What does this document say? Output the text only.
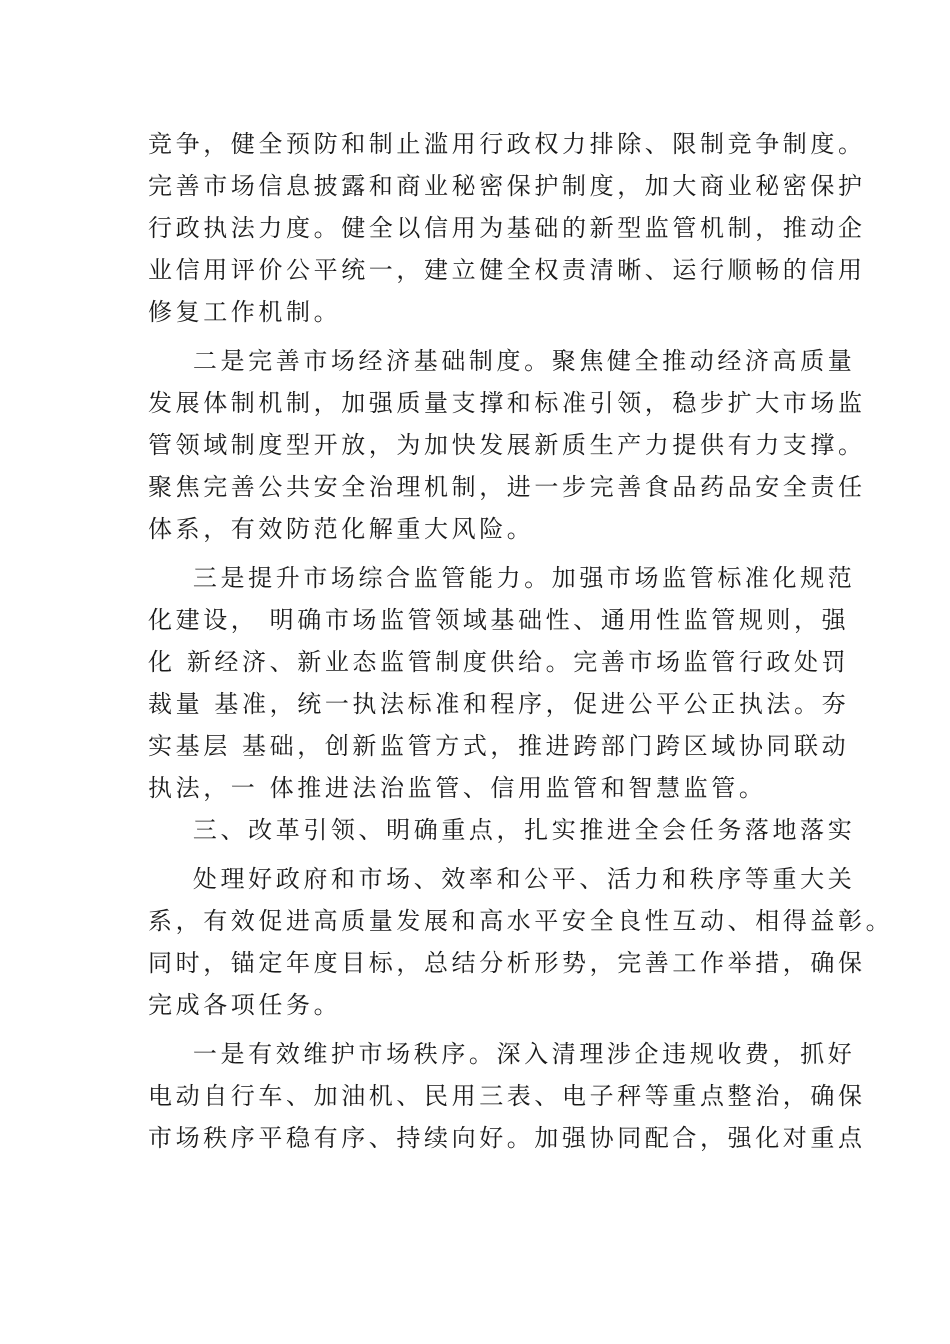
竞争，健全预防和制止滥用行政权力排除、限制竞争制度。
完善市场信息披露和商业秘密保护制度，加大商业秘密保护
行政执法力度。健全以信用为基础的新型监管机制，推动企
业信用评价公平统一，建立健全权责清晰、运行顺畅的信用
修复工作机制。
二是完善市场经济基础制度。聚焦健全推动经济高质量
发展体制机制，加强质量支撑和标准引领，稳步扩大市场监
管领域制度型开放，为加快发展新质生产力提供有力支撑。
聚焦完善公共安全治理机制，进一步完善食品药品安全责任
体系，有效防范化解重大风险。
三是提升市场综合监管能力。加强市场监管标准化规范
化建设， 明确市场监管领域基础性、通用性监管规则，强
化 新经济、新业态监管制度供给。完善市场监管行政处罚
裁量 基准，统一执法标准和程序，促进公平公正执法。夯
实基层 基础，创新监管方式，推进跨部门跨区域协同联动
执法，一 体推进法治监管、信用监管和智慧监管。
三、改革引领、明确重点，扎实推进全会任务落地落实
处理好政府和市场、效率和公平、活力和秩序等重大关
系，有效促进高质量发展和高水平安全良性互动、相得益彰。
同时，锚定年度目标，总结分析形势，完善工作举措，确保
完成各项任务。
一是有效维护市场秩序。深入清理涉企违规收费，抓好
电动自行车、加油机、民用三表、电子秤等重点整治，确保
市场秩序平稳有序、持续向好。加强协同配合，强化对重点
